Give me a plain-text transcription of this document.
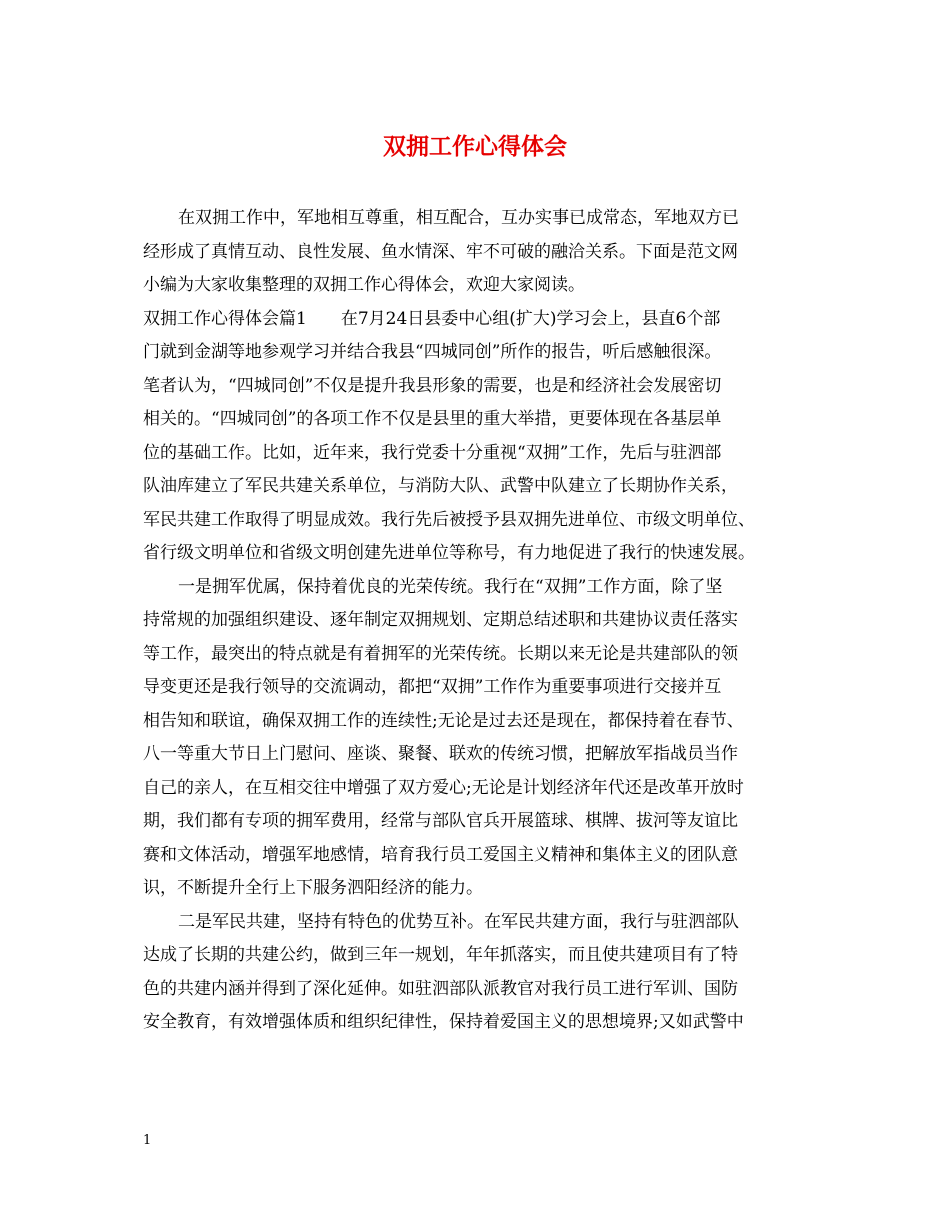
双拥工作心得体会
在双拥工作中，军地相互尊重，相互配合，互办实事已成常态，军地双方已
经形成了真情互动、良性发展、鱼水情深、牢不可破的融洽关系。下面是范文网
小编为大家收集整理的双拥工作心得体会，欢迎大家阅读。
双拥工作心得体会篇1　　在7月24日县委中心组(扩大)学习会上，县直6个部
门就到金湖等地参观学习并结合我县“四城同创”所作的报告，听后感触很深。
笔者认为，“四城同创”不仅是提升我县形象的需要，也是和经济社会发展密切
相关的。“四城同创”的各项工作不仅是县里的重大举措，更要体现在各基层单
位的基础工作。比如，近年来，我行党委十分重视“双拥”工作，先后与驻泗部
队油库建立了军民共建关系单位，与消防大队、武警中队建立了长期协作关系，
军民共建工作取得了明显成效。我行先后被授予县双拥先进单位、市级文明单位、
省行级文明单位和省级文明创建先进单位等称号，有力地促进了我行的快速发展。
一是拥军优属，保持着优良的光荣传统。我行在“双拥”工作方面，除了坚
持常规的加强组织建设、逐年制定双拥规划、定期总结述职和共建协议责任落实
等工作，最突出的特点就是有着拥军的光荣传统。长期以来无论是共建部队的领
导变更还是我行领导的交流调动，都把“双拥”工作作为重要事项进行交接并互
相告知和联谊，确保双拥工作的连续性;无论是过去还是现在，都保持着在春节、
八一等重大节日上门慰问、座谈、聚餐、联欢的传统习惯，把解放军指战员当作
自己的亲人，在互相交往中增强了双方爱心;无论是计划经济年代还是改革开放时
期，我们都有专项的拥军费用，经常与部队官兵开展篮球、棋牌、拔河等友谊比
赛和文体活动，增强军地感情，培育我行员工爱国主义精神和集体主义的团队意
识，不断提升全行上下服务泗阳经济的能力。
二是军民共建，坚持有特色的优势互补。在军民共建方面，我行与驻泗部队
达成了长期的共建公约，做到三年一规划，年年抓落实，而且使共建项目有了特
色的共建内涵并得到了深化延伸。如驻泗部队派教官对我行员工进行军训、国防
安全教育，有效增强体质和组织纪律性，保持着爱国主义的思想境界;又如武警中
1
